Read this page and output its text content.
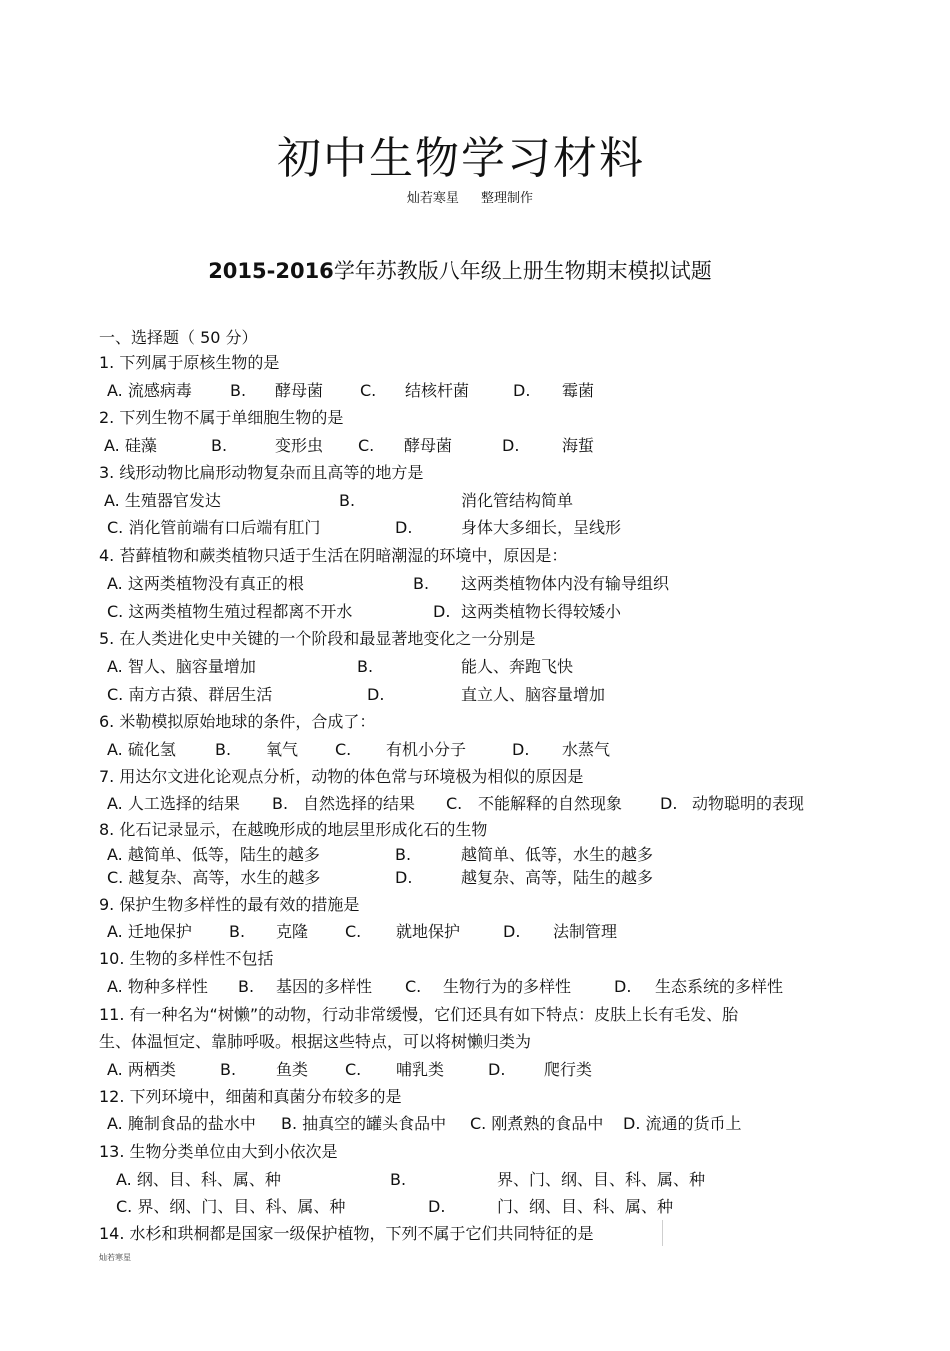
初中生物学习材料
灿若寒星 整理制作
2015-2016学年苏教版八年级上册生物期末模拟试题
一、选择题（ 50 分）
1. 下列属于原核生物的是
A. 流感病毒 B. 酵母菌 C. 结核杆菌	D. 霉菌
2. 下列生物不属于单细胞生物的是
A. 硅藻	B.	变形虫 C. 酵母菌	D.	海蜇
3. 线形动物比扁形动物复杂而且高等的地方是
A. 生殖器官发达	B.	消化管结构简单
C. 消化管前端有口后端有肛门	D.	身体大多细长，呈线形
4. 苔藓植物和蕨类植物只适于生活在阴暗潮湿的环境中，原因是：
A. 这两类植物没有真正的根	B. 这两类植物体内没有输导组织
C. 这两类植物生殖过程都离不开水	D. 这两类植物长得较矮小
5. 在人类进化史中关键的一个阶段和最显著地变化之一分别是
A. 智人、脑容量增加	B.	能人、奔跑飞快
C. 南方古猿、群居生活	D.	直立人、脑容量增加
6. 米勒模拟原始地球的条件，合成了：
A. 硫化氢 B. 氧气 C. 有机小分子	D. 水蒸气
7. 用达尔文进化论观点分析，动物的体色常与环境极为相似的原因是
A. 人工选择的结果 B. 自然选择的结果 C. 不能解释的自然现象 D. 动物聪明的表现
8. 化石记录显示，在越晚形成的地层里形成化石的生物
A. 越简单、低等，陆生的越多	B.	越简单、低等，水生的越多
C. 越复杂、高等，水生的越多	D.	越复杂、高等，陆生的越多
9. 保护生物多样性的最有效的措施是
A. 迁地保护 B. 克隆 C. 就地保护	D. 法制管理
10. 生物的多样性不包括
A. 物种多样性 B. 基因的多样性 C. 生物行为的多样性	D. 生态系统的多样性
11. 有一种名为“树懒”的动物，行动非常缓慢，它们还具有如下特点：皮肤上长有毛发、胎
生、体温恒定、靠肺呼吸。根据这些特点，可以将树懒归类为
A. 两栖类	B. 鱼类 C. 哺乳类	D. 爬行类
12. 下列环境中，细菌和真菌分布较多的是
A. 腌制食品的盐水中 B. 抽真空的罐头食品中 C. 刚煮熟的食品中 D. 流通的货币上
13. 生物分类单位由大到小依次是
A. 纲、目、科、属、种	B.	界、门、纲、目、科、属、种
C. 界、纲、门、目、科、属、种	D.	门、纲、目、科、属、种
14. 水杉和珙桐都是国家一级保护植物，下列不属于它们共同特征的是
灿若寒星
